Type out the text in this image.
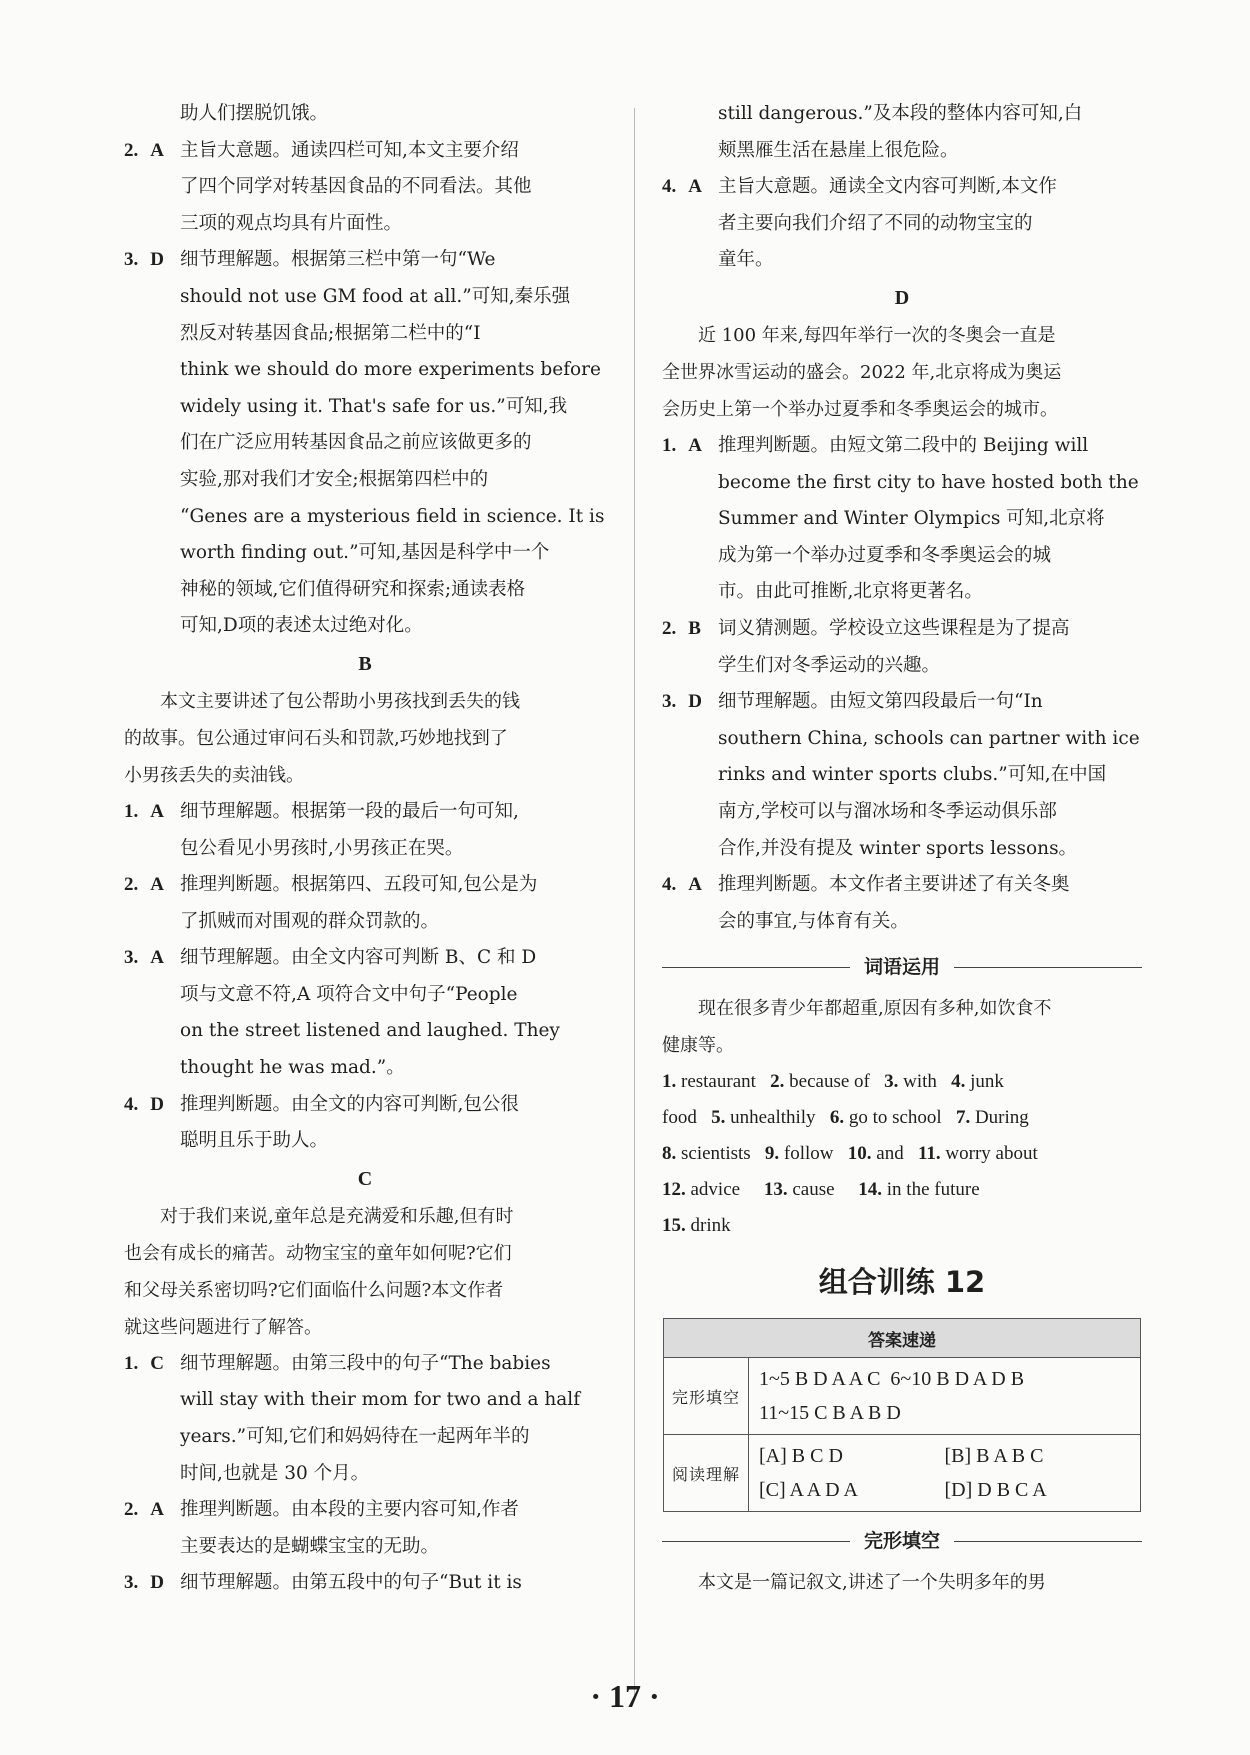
助人们摆脱饥饿。
2. A 主旨大意题。通读四栏可知,本文主要介绍
了四个同学对转基因食品的不同看法。其他
三项的观点均具有片面性。
3. D 细节理解题。根据第三栏中第一句“We
should not use GM food at all.”可知,秦乐强
烈反对转基因食品;根据第二栏中的“I
think we should do more experiments before
widely using it. That's safe for us.”可知,我
们在广泛应用转基因食品之前应该做更多的
实验,那对我们才安全;根据第四栏中的
“Genes are a mysterious field in science. It is
worth finding out.”可知,基因是科学中一个
神秘的领域,它们值得研究和探索;通读表格
可知,D项的表述太过绝对化。
B
本文主要讲述了包公帮助小男孩找到丢失的钱
的故事。包公通过审问石头和罚款,巧妙地找到了
小男孩丢失的卖油钱。
1. A 细节理解题。根据第一段的最后一句可知,
包公看见小男孩时,小男孩正在哭。
2. A 推理判断题。根据第四、五段可知,包公是为
了抓贼而对围观的群众罚款的。
3. A 细节理解题。由全文内容可判断 B、C 和 D
项与文意不符,A 项符合文中句子“People
on the street listened and laughed. They
thought he was mad.”。
4. D 推理判断题。由全文的内容可判断,包公很
聪明且乐于助人。
C
对于我们来说,童年总是充满爱和乐趣,但有时
也会有成长的痛苦。动物宝宝的童年如何呢?它们
和父母关系密切吗?它们面临什么问题?本文作者
就这些问题进行了解答。
1. C 细节理解题。由第三段中的句子“The babies
will stay with their mom for two and a half
years.”可知,它们和妈妈待在一起两年半的
时间,也就是 30 个月。
2. A 推理判断题。由本段的主要内容可知,作者
主要表达的是蝴蝶宝宝的无助。
3. D 细节理解题。由第五段中的句子“But it is
still dangerous.”及本段的整体内容可知,白
颊黑雁生活在悬崖上很危险。
4. A 主旨大意题。通读全文内容可判断,本文作
者主要向我们介绍了不同的动物宝宝的
童年。
D
近 100 年来,每四年举行一次的冬奥会一直是
全世界冰雪运动的盛会。2022 年,北京将成为奥运
会历史上第一个举办过夏季和冬季奥运会的城市。
1. A 推理判断题。由短文第二段中的 Beijing will
become the first city to have hosted both the
Summer and Winter Olympics 可知,北京将
成为第一个举办过夏季和冬季奥运会的城
市。由此可推断,北京将更著名。
2. B 词义猜测题。学校设立这些课程是为了提高
学生们对冬季运动的兴趣。
3. D 细节理解题。由短文第四段最后一句“In
southern China, schools can partner with ice
rinks and winter sports clubs.”可知,在中国
南方,学校可以与溜冰场和冬季运动俱乐部
合作,并没有提及 winter sports lessons。
4. A 推理判断题。本文作者主要讲述了有关冬奥
会的事宜,与体育有关。
词语运用
现在很多青少年都超重,原因有多种,如饮食不
健康等。
1. restaurant 2. because of 3. with 4. junk
food 5. unhealthily 6. go to school 7. During
8. scientists 9. follow 10. and 11. worry about
12. advice 13. cause 14. in the future
15. drink
组合训练 12
答案速递	
完形填空	1~5 B D A A C  6~10 B D A D B
11~15 C B A B D

阅读理解	[A] B C D [B] B A B C
[C] A A D A [D] D B C A
完形填空
本文是一篇记叙文,讲述了一个失明多年的男
· 17 ·
